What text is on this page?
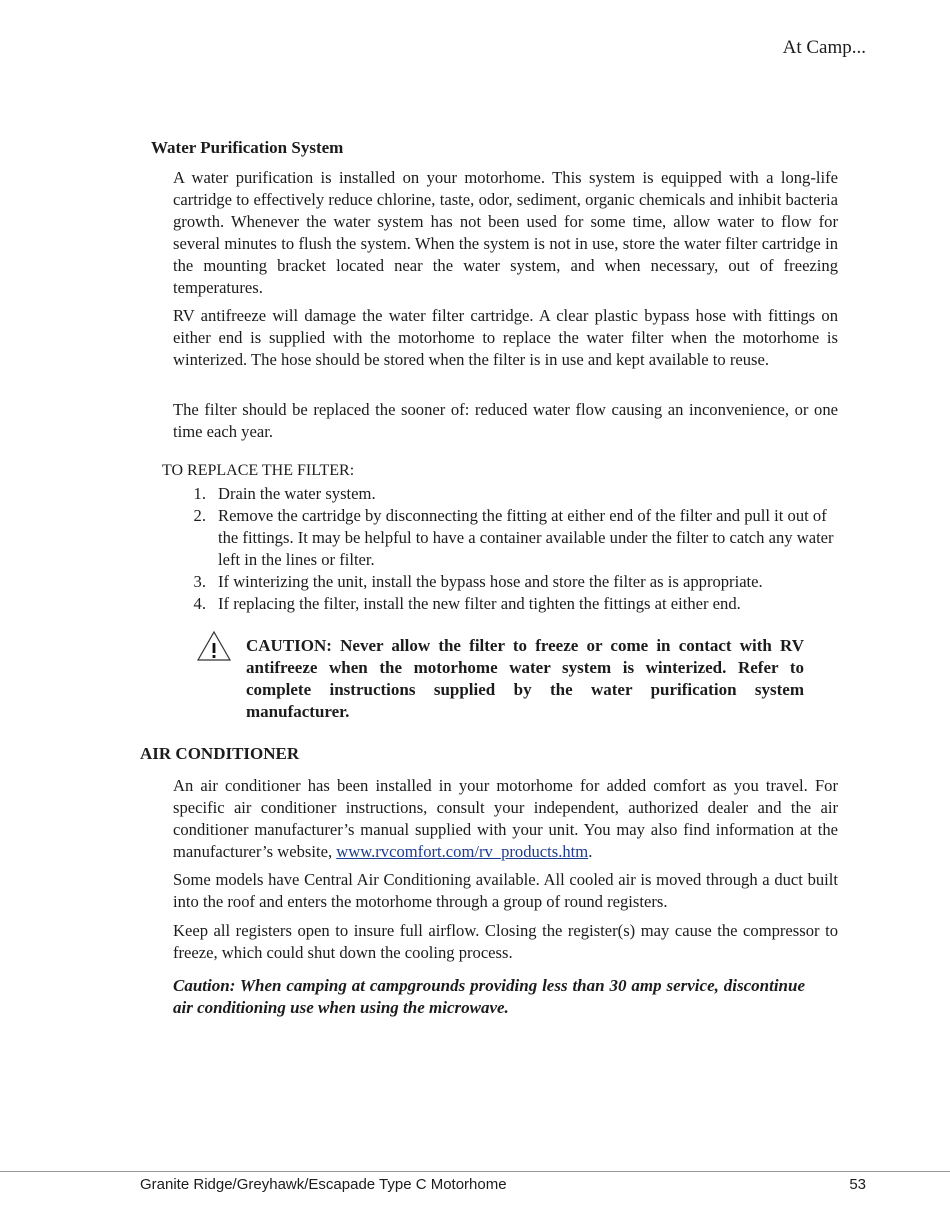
At Camp...
Water Purification System

A water purification is installed on your motorhome. This system is equipped with a long-life cartridge to effectively reduce chlorine, taste, odor, sediment, organic chemicals and inhibit bacteria growth. Whenever the water system has not been used for some time, allow water to flow for several minutes to flush the system. When the system is not in use, store the water filter cartridge in the mounting bracket located near the water system, and when necessary, out of freezing temperatures.

RV antifreeze will damage the water filter cartridge. A clear plastic bypass hose with fittings on either end is supplied with the motorhome to replace the water filter when the motorhome is winterized. The hose should be stored when the filter is in use and kept available to reuse.

The filter should be replaced the sooner of: reduced water flow causing an inconvenience, or one time each year.

TO REPLACE THE FILTER:
1. Drain the water system.
2. Remove the cartridge by disconnecting the fitting at either end of the filter and pull it out of the fittings. It may be helpful to have a container available under the filter to catch any water left in the lines or filter.
3. If winterizing the unit, install the bypass hose and store the filter as is appropriate.
4. If replacing the filter, install the new filter and tighten the fittings at either end.

CAUTION: Never allow the filter to freeze or come in contact with RV antifreeze when the motorhome water system is winterized. Refer to complete instructions supplied by the water purification system manufacturer.

AIR CONDITIONER

An air conditioner has been installed in your motorhome for added comfort as you travel. For specific air conditioner instructions, consult your independent, authorized dealer and the air conditioner manufacturer’s manual supplied with your unit. You may also find information at the manufacturer’s website, www.rvcomfort.com/rv_products.htm.

Some models have Central Air Conditioning available. All cooled air is moved through a duct built into the roof and enters the motorhome through a group of round registers.

Keep all registers open to insure full airflow. Closing the register(s) may cause the compressor to freeze, which could shut down the cooling process.

Caution: When camping at campgrounds providing less than 30 amp service, discontinue air conditioning use when using the microwave.

Granite Ridge/Greyhawk/Escapade Type C Motorhome	53
